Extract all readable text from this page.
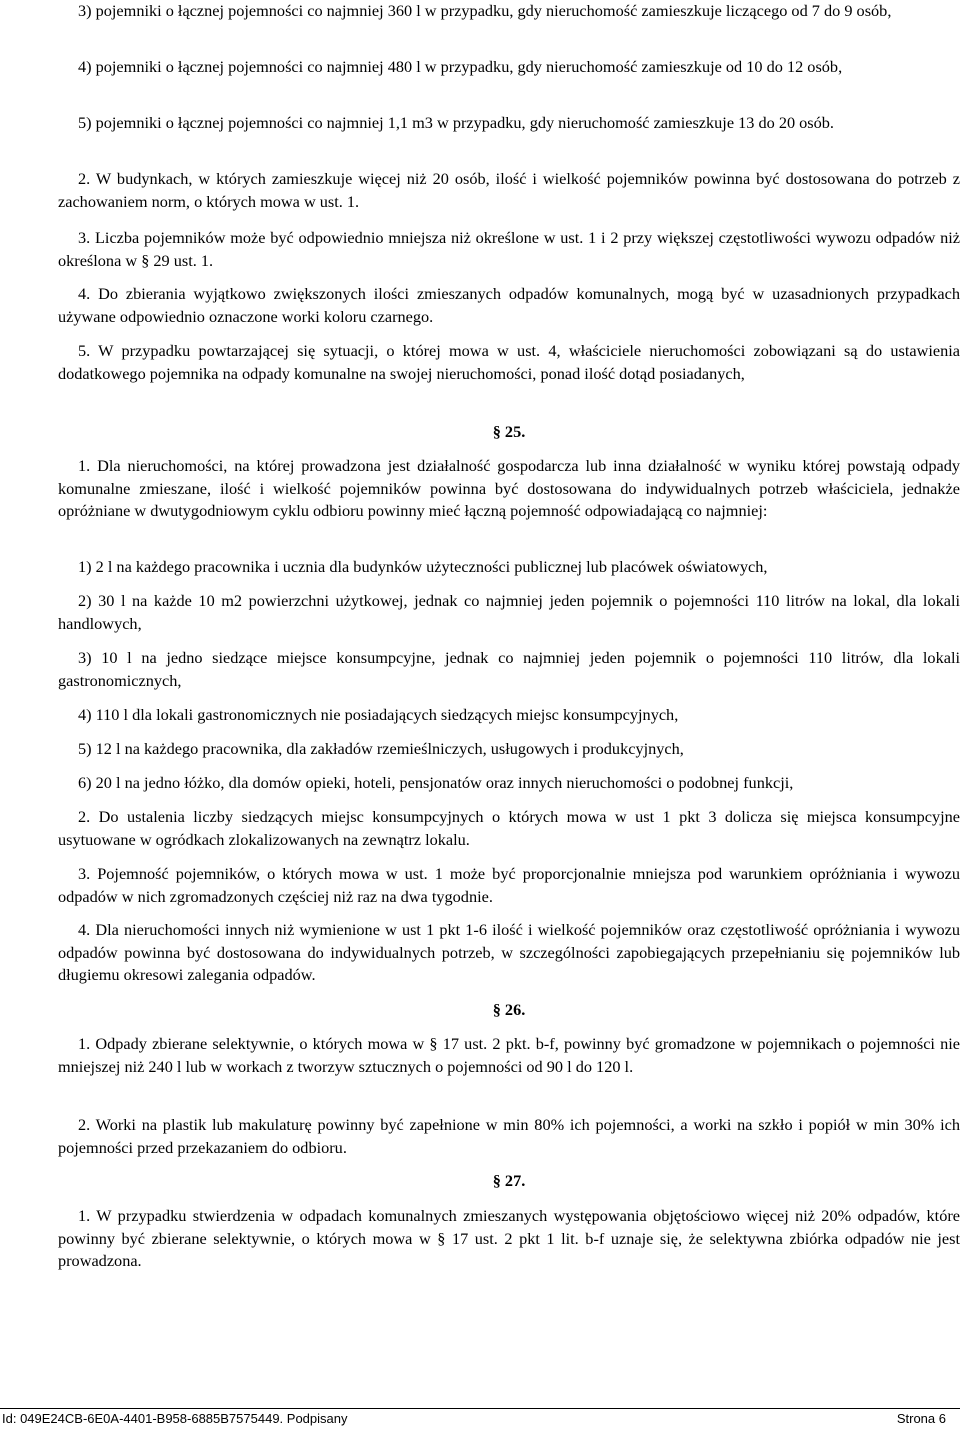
3) pojemniki o łącznej pojemności co najmniej 360 l w przypadku, gdy nieruchomość zamieszkuje liczącego od 7 do 9 osób,

4) pojemniki o łącznej pojemności co najmniej 480 l w przypadku, gdy nieruchomość zamieszkuje od 10 do 12 osób,

5) pojemniki o łącznej pojemności co najmniej 1,1 m3 w przypadku, gdy nieruchomość zamieszkuje 13 do 20 osób.

2. W budynkach, w których zamieszkuje więcej niż 20 osób, ilość i wielkość pojemników powinna być dostosowana do potrzeb z zachowaniem norm, o których mowa w ust. 1.

3. Liczba pojemników może być odpowiednio mniejsza niż określone w ust. 1 i 2 przy większej częstotliwości wywozu odpadów niż określona w § 29 ust. 1.

4. Do zbierania wyjątkowo zwiększonych ilości zmieszanych odpadów komunalnych, mogą być w uzasadnionych przypadkach używane odpowiednio oznaczone worki koloru czarnego.

5. W przypadku powtarzającej się sytuacji, o której mowa w ust. 4, właściciele nieruchomości zobowiązani są do ustawienia dodatkowego pojemnika na odpady komunalne na swojej nieruchomości, ponad ilość dotąd posiadanych,

§ 25.

1. Dla nieruchomości, na której prowadzona jest działalność gospodarcza lub inna działalność w wyniku której powstają odpady komunalne zmieszane, ilość i wielkość pojemników powinna być dostosowana do indywidualnych potrzeb właściciela, jednakże opróżniane w dwutygodniowym cyklu odbioru powinny mieć łączną pojemność odpowiadającą co najmniej:

1) 2 l na każdego pracownika i ucznia dla budynków użyteczności publicznej lub placówek oświatowych,

2) 30 l na każde 10 m2 powierzchni użytkowej, jednak co najmniej jeden pojemnik o pojemności 110 litrów na lokal, dla lokali handlowych,

3) 10 l na jedno siedzące miejsce konsumpcyjne, jednak co najmniej jeden pojemnik o pojemności 110 litrów, dla lokali gastronomicznych,

4) 110 l dla lokali gastronomicznych nie posiadających siedzących miejsc konsumpcyjnych,

5) 12 l na każdego pracownika, dla zakładów rzemieślniczych, usługowych i produkcyjnych,

6) 20 l na jedno łóżko, dla domów opieki, hoteli, pensjonatów oraz innych nieruchomości o podobnej funkcji,

2. Do ustalenia liczby siedzących miejsc konsumpcyjnych o których mowa w ust 1 pkt 3 dolicza się miejsca konsumpcyjne usytuowane w ogródkach zlokalizowanych na zewnątrz lokalu.

3. Pojemność pojemników, o których mowa w ust. 1 może być proporcjonalnie mniejsza pod warunkiem opróżniania i wywozu odpadów w nich zgromadzonych częściej niż raz na dwa tygodnie.

4. Dla nieruchomości innych niż wymienione w ust 1 pkt 1-6 ilość i wielkość pojemników oraz częstotliwość opróżniania i wywozu odpadów powinna być dostosowana do indywidualnych potrzeb, w szczególności zapobiegających przepełnianiu się pojemników lub długiemu okresowi zalegania odpadów.

§ 26.

1. Odpady zbierane selektywnie, o których mowa w § 17 ust. 2 pkt. b-f, powinny być gromadzone w pojemnikach o pojemności nie mniejszej niż 240 l lub w workach z tworzyw sztucznych o pojemności od 90 l do 120 l.

2. Worki na plastik lub makulaturę powinny być zapełnione w min 80% ich pojemności, a worki na szkło i popiół w min 30% ich pojemności przed przekazaniem do odbioru.

§ 27.

1. W przypadku stwierdzenia w odpadach komunalnych zmieszanych występowania objętościowo więcej niż 20% odpadów, które powinny być zbierane selektywnie, o których mowa w § 17 ust. 2 pkt 1 lit. b-f uznaje się, że selektywna zbiórka odpadów nie jest prowadzona.

Id: 049E24CB-6E0A-4401-B958-6885B7575449. Podpisany	Strona 6
